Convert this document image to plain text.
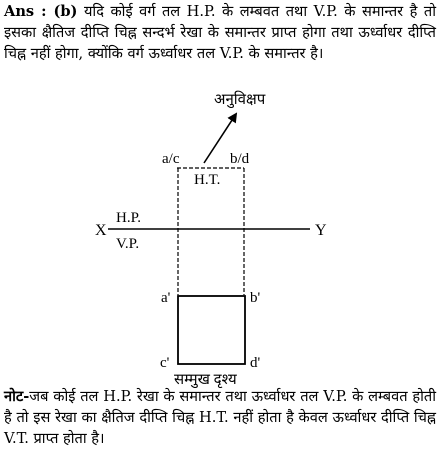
Ans : (b) यदि कोई वर्ग तल H.P. के लम्बवत तथा V.P. के समान्तर है तो इसका क्षैतिज दीप्ति चिह्न सन्दर्भ रेखा के समान्तर प्राप्त होगा तथा ऊर्ध्वाधर दीप्ति चिह्न नहीं होगा, क्योंकि वर्ग ऊर्ध्वाधर तल V.P. के समान्तर है।

अनुविक्षप
a/c	b/d
H.T.
X	Y
H.P.
V.P.
a'	b'
c'	d'
सम्मुख दृश्य

नोट-जब कोई तल H.P. रेखा के समान्तर तथा ऊर्ध्वाधर तल V.P. के लम्बवत होती है तो इस रेखा का क्षैतिज दीप्ति चिह्न H.T. नहीं होता है केवल ऊर्ध्वाधर दीप्ति चिह्न V.T. प्राप्त होता है।
